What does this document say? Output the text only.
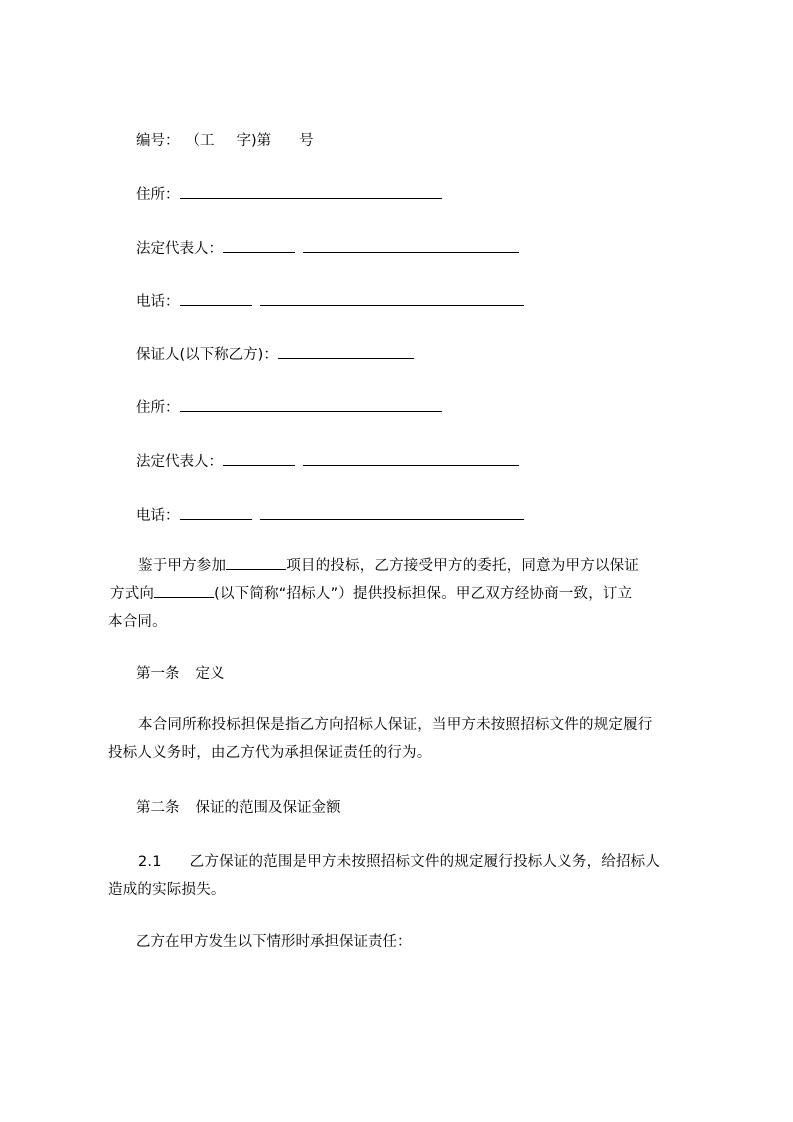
编号： （工 字)第 号
住所：
法定代表人：
电话：
保证人(以下称乙方)：
住所：
法定代表人：
电话：
鉴于甲方参加	项目的投标，乙方接受甲方的委托，同意为甲方以保证
方式向	(以下简称“招标人”）提供投标担保。甲乙双方经协商一致，订立
本合同。
第一条 定义
本合同所称投标担保是指乙方向招标人保证，当甲方未按照招标文件的规定履行
投标人义务时，由乙方代为承担保证责任的行为。
第二条 保证的范围及保证金额
2.1 乙方保证的范围是甲方未按照招标文件的规定履行投标人义务，给招标人
造成的实际损失。
乙方在甲方发生以下情形时承担保证责任：
